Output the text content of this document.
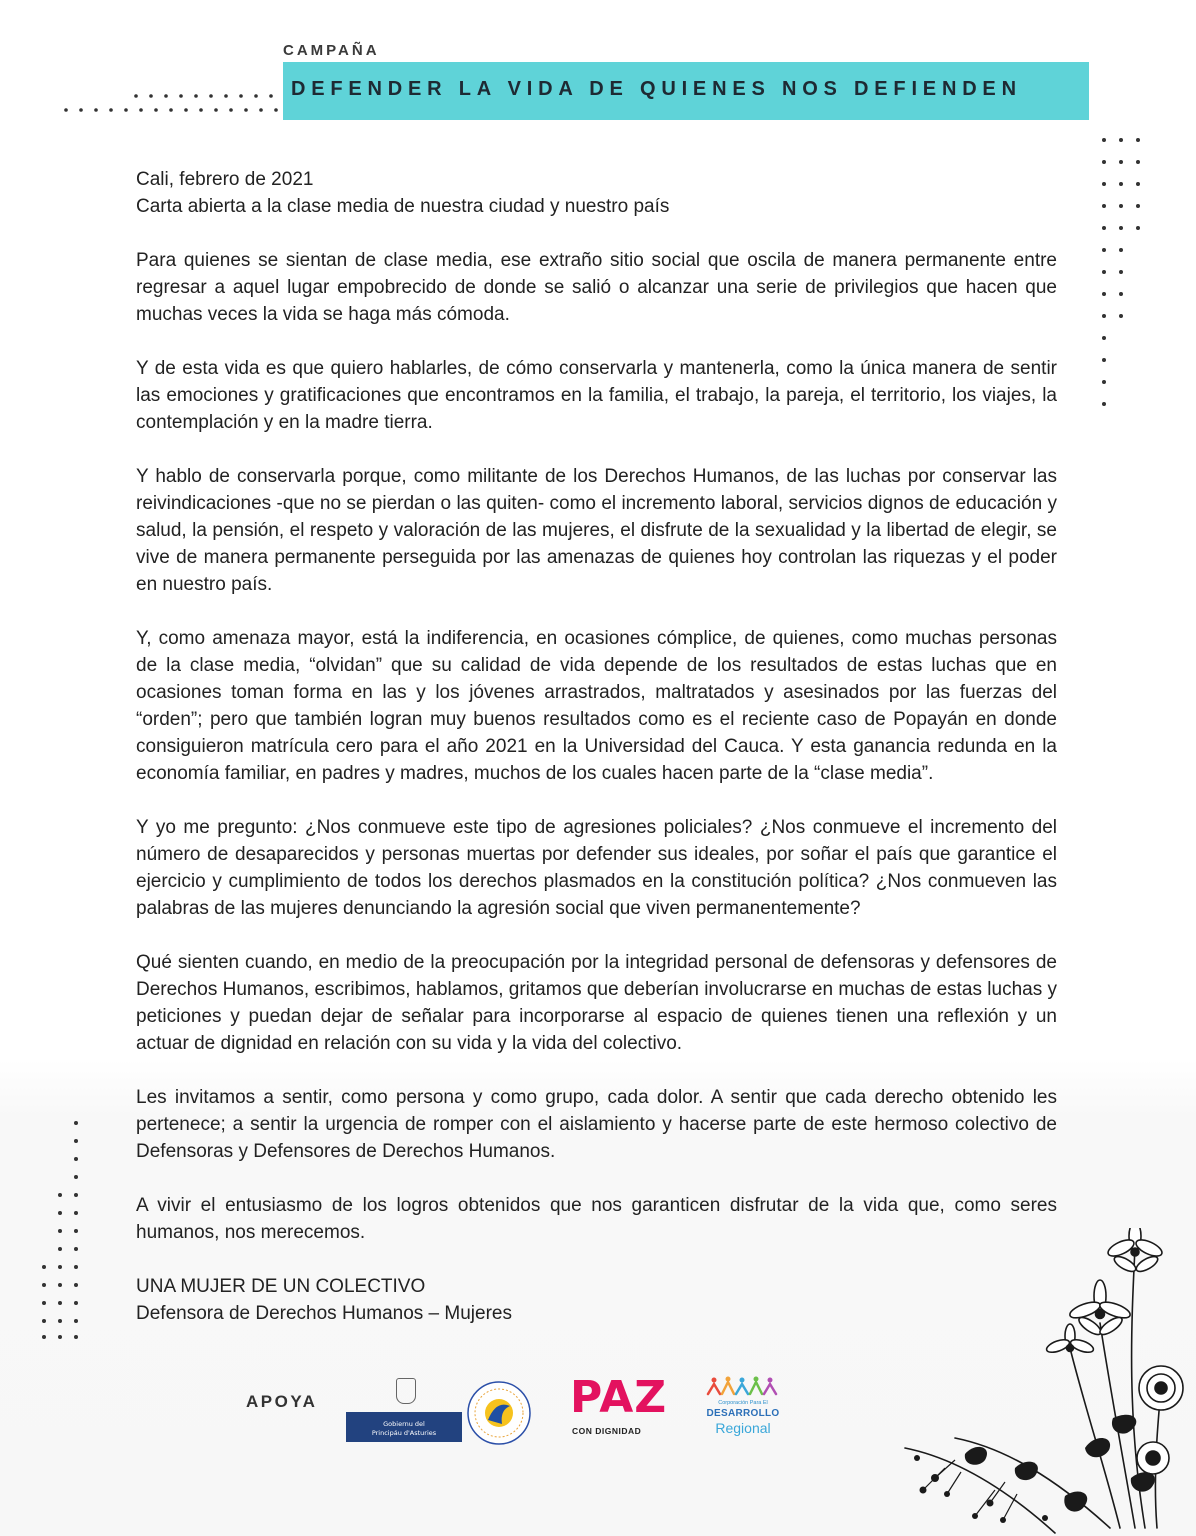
CAMPAÑA
DEFENDER LA VIDA DE QUIENES NOS DEFIENDEN

Cali, febrero de 2021

Carta abierta a la clase media de nuestra ciudad y nuestro país

Para quienes se sientan de clase media, ese extraño sitio social que oscila de manera permanente entre regresar a aquel lugar empobrecido de donde se salió o alcanzar una serie de privilegios que hacen que muchas veces la vida se haga más cómoda.

Y de esta vida es que quiero hablarles, de cómo conservarla y mantenerla, como la única manera de sentir las emociones y gratificaciones que encontramos en la familia, el trabajo, la pareja, el territorio, los viajes, la contemplación y en la madre tierra.

Y hablo de conservarla porque, como militante de los Derechos Humanos, de las luchas por conservar las reivindicaciones -que no se pierdan o las quiten- como el incremento laboral, servicios dignos de educación y salud, la pensión, el respeto y valoración de las mujeres, el disfrute de la sexualidad y la libertad de elegir, se vive de manera permanente perseguida por las amenazas de quienes hoy controlan las riquezas y el poder en nuestro país.

Y, como amenaza mayor, está la indiferencia, en ocasiones cómplice, de quienes, como muchas personas de la clase media, “olvidan” que su calidad de vida depende de los resultados de estas luchas que en ocasiones toman forma en las y los jóvenes arrastrados, maltratados y asesinados por las fuerzas del “orden”; pero que también logran muy buenos resultados como es el reciente caso de Popayán en donde consiguieron matrícula cero para el año 2021 en la Universidad del Cauca. Y esta ganancia redunda en la economía familiar, en padres y madres, muchos de los cuales hacen parte de la “clase media”.

Y yo me pregunto: ¿Nos conmueve este tipo de agresiones policiales? ¿Nos conmueve el incremento del número de desaparecidos y personas muertas por defender sus ideales, por soñar el país que garantice el ejercicio y cumplimiento de todos los derechos plasmados en la constitución política? ¿Nos conmueven las palabras de las mujeres denunciando la agresión social que viven permanentemente?

Qué sienten cuando, en medio de la preocupación por la integridad personal de defensoras y defensores de Derechos Humanos, escribimos, hablamos, gritamos que deberían involucrarse en muchas de estas luchas y peticiones y puedan dejar de señalar para incorporarse al espacio de quienes tienen una reflexión y un actuar de dignidad en relación con su vida y la vida del colectivo.

Les invitamos a sentir, como persona y como grupo, cada dolor. A sentir que cada derecho obtenido les pertenece; a sentir la urgencia de romper con el aislamiento y hacerse parte de este hermoso colectivo de Defensoras y Defensores de Derechos Humanos.

A vivir el entusiasmo de los logros obtenidos que nos garanticen disfrutar de la vida que, como seres humanos, nos merecemos.

UNA MUJER DE UN COLECTIVO

Defensora de Derechos Humanos – Mujeres

APOYA
Gobiernu del
Principáu d'Asturies
PAZ
CON DIGNIDAD
Corporación Para El
DESARROLLO
Regional
